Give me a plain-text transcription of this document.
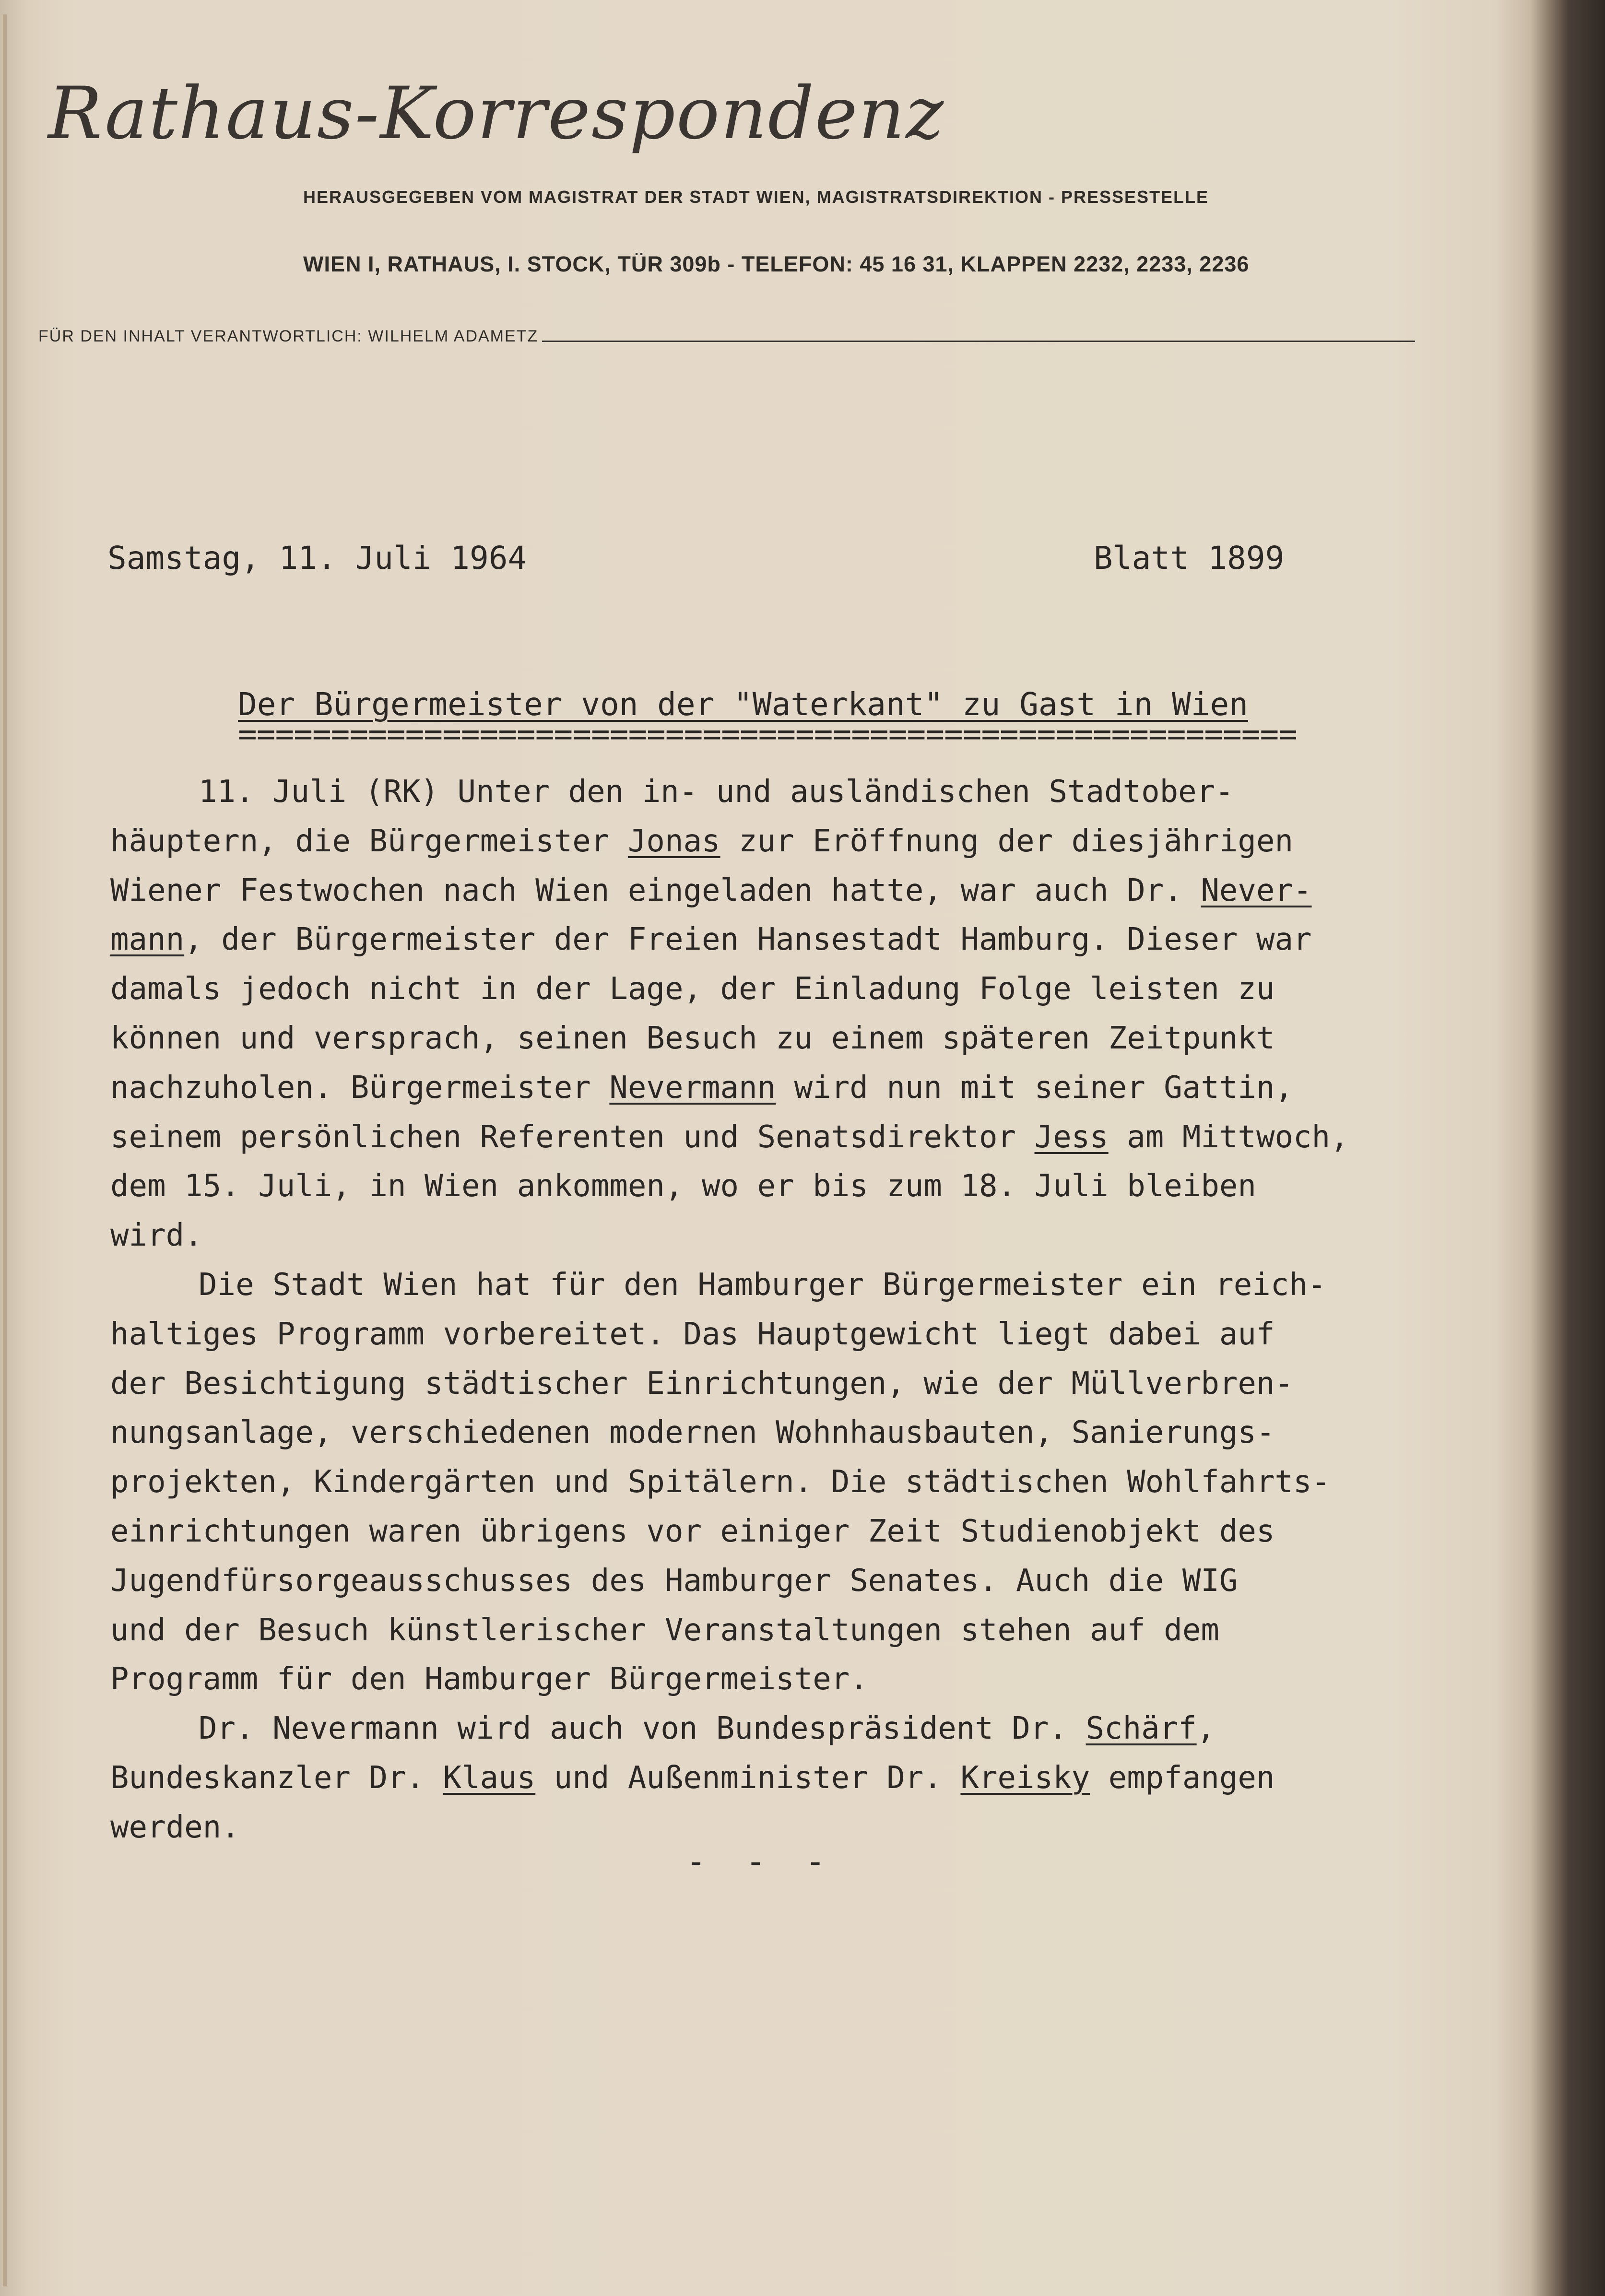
Rathaus-Korrespondenz
HERAUSGEGEBEN VOM MAGISTRAT DER STADT WIEN, MAGISTRATSDIREKTION - PRESSESTELLE
WIEN I, RATHAUS, I. STOCK, TÜR 309b - TELEFON: 45 16 31, KLAPPEN 2232, 2233, 2236
FÜR DEN INHALT VERANTWORTLICH: WILHELM ADAMETZ
Samstag, 11. Juli 1964	Blatt 1899
Der Bürgermeister von der "Waterkant" zu Gast in Wien
=========================================================
11. Juli (RK) Unter den in- und ausländischen Stadtober-
häuptern, die Bürgermeister Jonas zur Eröffnung der diesjährigen
Wiener Festwochen nach Wien eingeladen hatte, war auch Dr. Never-
mann, der Bürgermeister der Freien Hansestadt Hamburg. Dieser war
damals jedoch nicht in der Lage, der Einladung Folge leisten zu
können und versprach, seinen Besuch zu einem späteren Zeitpunkt
nachzuholen. Bürgermeister Nevermann wird nun mit seiner Gattin,
seinem persönlichen Referenten und Senatsdirektor Jess am Mittwoch,
dem 15. Juli, in Wien ankommen, wo er bis zum 18. Juli bleiben
wird.
Die Stadt Wien hat für den Hamburger Bürgermeister ein reich-
haltiges Programm vorbereitet. Das Hauptgewicht liegt dabei auf
der Besichtigung städtischer Einrichtungen, wie der Müllverbren-
nungsanlage, verschiedenen modernen Wohnhausbauten, Sanierungs-
projekten, Kindergärten und Spitälern. Die städtischen Wohlfahrts-
einrichtungen waren übrigens vor einiger Zeit Studienobjekt des
Jugendfürsorgeausschusses des Hamburger Senates. Auch die WIG
und der Besuch künstlerischer Veranstaltungen stehen auf dem
Programm für den Hamburger Bürgermeister.
Dr. Nevermann wird auch von Bundespräsident Dr. Schärf,
Bundeskanzler Dr. Klaus und Außenminister Dr. Kreisky empfangen
werden.
- - -
